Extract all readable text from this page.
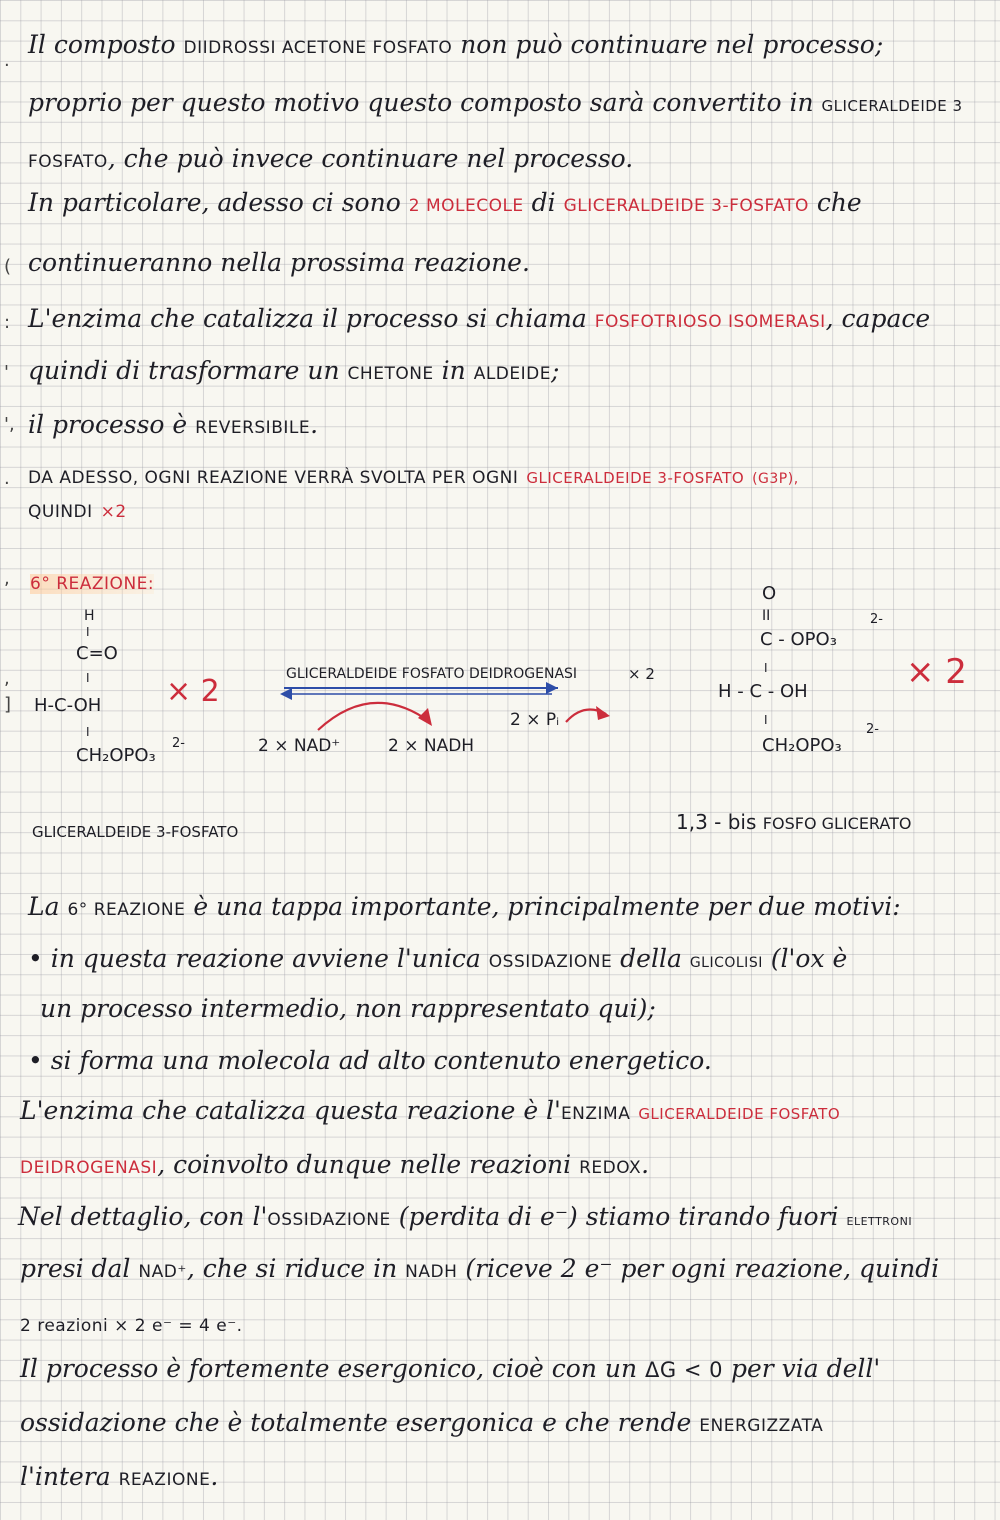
.
(
:
'
',
.
,
,
]
Il composto DIIDROSSI ACETONE FOSFATO non può continuare nel processo;
proprio per questo motivo questo composto sarà convertito in GLICERALDEIDE 3
FOSFATO, che può invece continuare nel processo.
In particolare, adesso ci sono 2 MOLECOLE di GLICERALDEIDE 3-FOSFATO che
continueranno nella prossima reazione.
L'enzima che catalizza il processo si chiama FOSFOTRIOSO ISOMERASI, capace
quindi di trasformare un CHETONE in ALDEIDE;
il processo è REVERSIBILE.
DA ADESSO, OGNI REAZIONE VERRÀ SVOLTA PER OGNI GLICERALDEIDE 3-FOSFATO (G3P),
QUINDI ×2
6° REAZIONE:
H
I
C=O
I
H-C-OH
I
CH₂OPO₃
2-
× 2	GLICERALDEIDE FOSFATO DEIDROGENASI	× 2
2 × NAD⁺	2 × NADH
2 × Pᵢ
O
II
C - OPO₃
2-
I
H - C - OH
I
CH₂OPO₃
2-
× 2
GLICERALDEIDE 3-FOSFATO	1,3 - bis FOSFO GLICERATO
La 6° REAZIONE è una tappa importante, principalmente per due motivi:
• in questa reazione avviene l'unica OSSIDAZIONE della GLICOLISI (l'ox è
un processo intermedio, non rappresentato qui);
• si forma una molecola ad alto contenuto energetico.
L'enzima che catalizza questa reazione è l'ENZIMA GLICERALDEIDE FOSFATO
DEIDROGENASI, coinvolto dunque nelle reazioni REDOX.
Nel dettaglio, con l'OSSIDAZIONE (perdita di e⁻) stiamo tirando fuori ELETTRONI
presi dal NAD⁺, che si riduce in NADH (riceve 2 e⁻ per ogni reazione, quindi
2 reazioni × 2 e⁻ = 4 e⁻.
Il processo è fortemente esergonico, cioè con un ΔG < 0 per via dell'
ossidazione che è totalmente esergonica e che rende ENERGIZZATA
l'intera REAZIONE.
